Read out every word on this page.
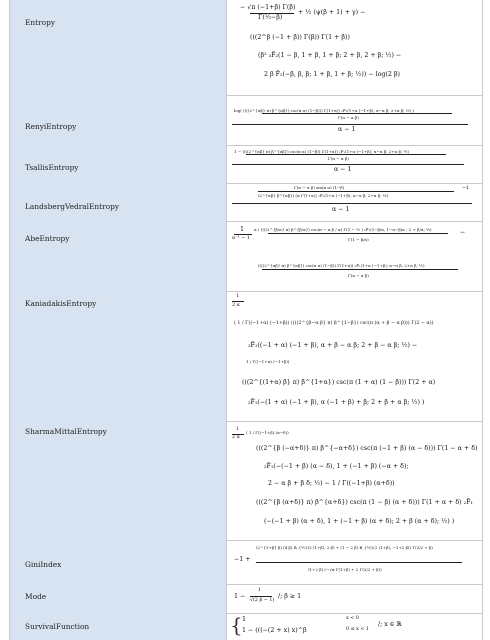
Entropy
− √π (−1+β) Γ(β)
Γ(½−β)
+ ½ (ψ(β + 1) + γ) −
(((2^β (−1 + β)) Γ(β)) Γ(1 + β))
(β² ₃F̃₂(1 − β, 1 + β, 1 + β; 2 + β, 2 + β; ½) −
2 β F̃₂(−β, β, β; 1 + β, 1 + β; ½)) − log(2 β)
RenyiEntropy
log( ((((2^{αβ} π) β^{αβ}) csc(π α) (1−β))) Γ(1+α)) ₂F̃₁(1+α (−1+β); α−α β; 2+α β; ½) )
Γ(α − α β)
α − 1
TsallisEntropy
1 − ((((2^{αβ} π) β^{αβ}) csc(π α) (1−β)) Γ(1+α)) ₂F̃₁(1+α (−1+β); α−α β; 2+α β; ½)
Γ(α − α β)
α − 1
LandsbergVedralEntropy
Γ(α − α β) sin(π α) (1−β)
(2^{αβ} β^{αβ}) (π Γ(1+α)) ₂F̃₁(1+α (−1+β); α−α β; 2+α β; ½)
−1
α − 1
AbeEntropy
1
α⁻¹ − 1
α ( ((((2^{β/α} π) β^{β/α}) csc(π − α β / α) Γ(1 − ½ ) ₂F̃₁(1−β/α, 1−α−β/α ; 2 + β/α; ½)
Γ(1 − β/α)
−
((((2^{αβ} π) β^{αβ}) csc(π α) (1−β)) Γ(1+α)) ₂F̃₁(1+α (−1+β); α−α β; 2+α β; ½)
Γ(α − α β)
KaniadakisEntropy
1
2 α
( 1 / Γ((−1+α) (−1+β)) ((((2^{β−α β} π) β^{1−β}) csc(π (α + β − α β))) Γ(2 − α))
₂F̃₁((−1 + α) (−1 + β), α + β − α β; 2 + β − α β; ½) −
1 / Γ((−1+α) (−1+β))
(((2^{(1+α) β} π) β^{1+α}) csc(π (1 + α) (1 − β))) Γ(2 + α)
₂F̃₁(−(1 + α) (−1 + β), α (−1 + β) + β; 2 + β + α β; ½) )
SharmaMittalEntropy	1
2 α
( 1 / Γ((−1+β) (α−δ))
(((2^{β (−α+δ)} π) β^{−α+δ}) csc(π (−1 + β) (α − δ))) Γ(1 − α + δ)
₂F̃₁(−(−1 + β) (α − δ), 1 + (−1 + β) (−α + δ);
2 − α β + β δ; ½) − 1 / Γ((−1+β) (α+δ))
(((2^{β (α+δ)} π) β^{α+δ}) csc(π (1 − β) (α + δ))) Γ(1 + α + δ) ₂F̃₁
(−(−1 + β) (α + δ), 1 + (−1 + β) (α + δ); 2 + β (α + δ); ½) )
GiniIndex
−1 +
(2^{3+β} β) (4 β) B_{½}(2 (1+β), 2 β) + (1 − 2 β) B_{½}(2 (1+β), −1+2 β)) Γ(3/2 + β)
(1+2 β) (−√π Γ(1+β) + 2 Γ(3/2 + β))
Mode	1 −
1
√(2 β − 1)
/; β ≥ 1
SurvivalFunction	{ 1
1 − (((−(2 + x) x)^β
x < 0
0 ≤ x < 1
/; x ∈ ℝ
